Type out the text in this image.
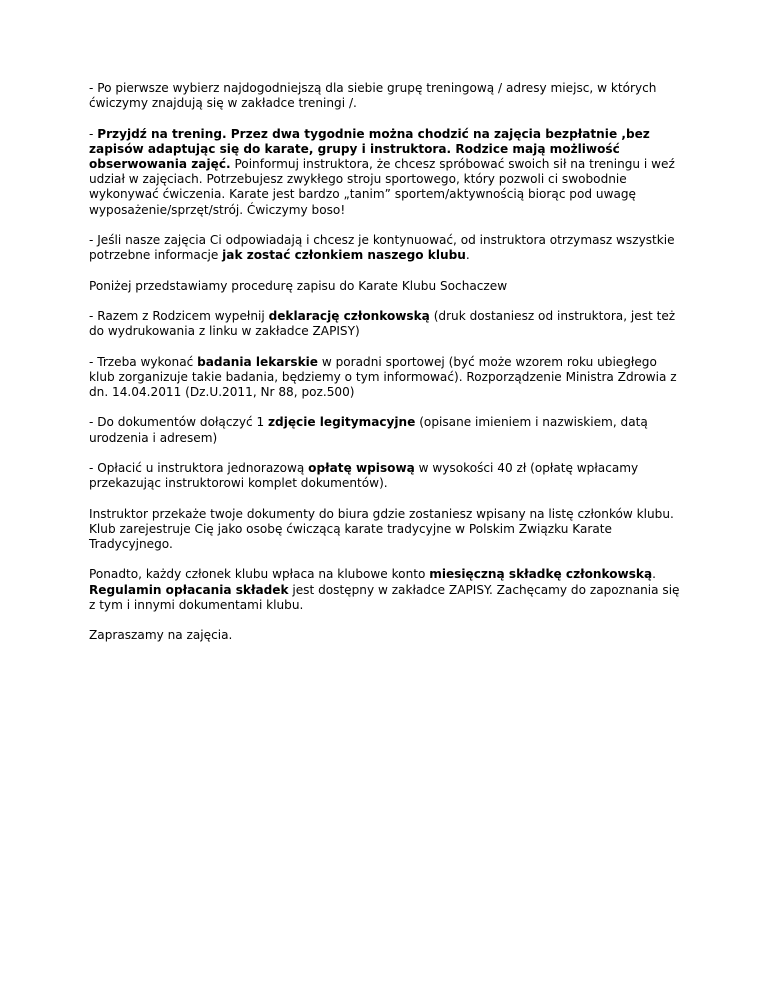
- Po pierwsze wybierz najdogodniejszą dla siebie grupę treningową / adresy miejsc, w których ćwiczymy znajdują się w zakładce treningi /.

- Przyjdź na trening. Przez dwa tygodnie można chodzić na zajęcia bezpłatnie ,bez zapisów adaptując się do karate, grupy i instruktora. Rodzice mają możliwość obserwowania zajęć. Poinformuj instruktora, że chcesz spróbować swoich sił na treningu i weź udział w zajęciach. Potrzebujesz zwykłego stroju sportowego, który pozwoli ci swobodnie wykonywać ćwiczenia. Karate jest bardzo „tanim” sportem/aktywnością biorąc pod uwagę wyposażenie/sprzęt/strój. Ćwiczymy boso!

- Jeśli nasze zajęcia Ci odpowiadają i chcesz je kontynuować, od instruktora otrzymasz wszystkie potrzebne informacje jak zostać członkiem naszego klubu.

Poniżej przedstawiamy procedurę zapisu do Karate Klubu Sochaczew

- Razem z Rodzicem wypełnij deklarację członkowską (druk dostaniesz od instruktora, jest też do wydrukowania z linku w zakładce ZAPISY)

- Trzeba wykonać badania lekarskie w poradni sportowej (być może wzorem roku ubiegłego klub zorganizuje takie badania, będziemy o tym informować). Rozporządzenie Ministra Zdrowia z dn. 14.04.2011 (Dz.U.2011, Nr 88, poz.500)

- Do dokumentów dołączyć 1 zdjęcie legitymacyjne (opisane imieniem i nazwiskiem, datą urodzenia i adresem)

- Opłacić u instruktora jednorazową opłatę wpisową w wysokości 40 zł (opłatę wpłacamy przekazując instruktorowi komplet dokumentów).

Instruktor przekaże twoje dokumenty do biura gdzie zostaniesz wpisany na listę członków klubu. Klub zarejestruje Cię jako osobę ćwiczącą karate tradycyjne w Polskim Związku Karate Tradycyjnego.

Ponadto, każdy członek klubu wpłaca na klubowe konto miesięczną składkę członkowską. Regulamin opłacania składek jest dostępny w zakładce ZAPISY. Zachęcamy do zapoznania się z tym i innymi dokumentami klubu.

Zapraszamy na zajęcia.
